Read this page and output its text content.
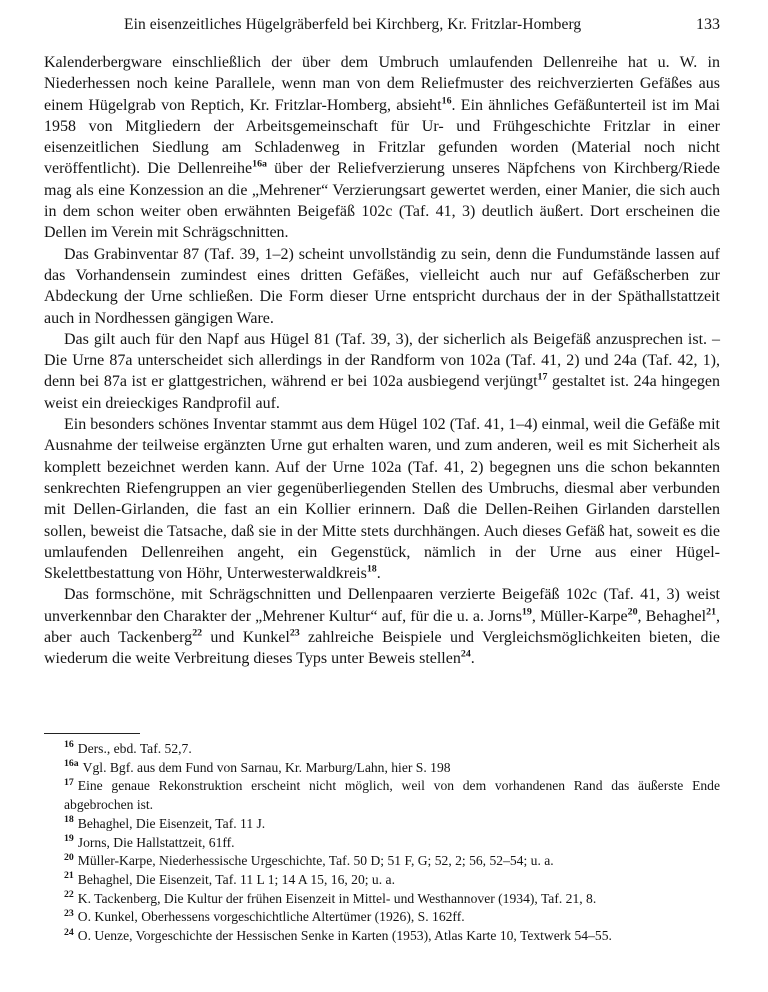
Ein eisenzeitliches Hügelgräberfeld bei Kirchberg, Kr. Fritzlar-Homberg	133

Kalenderbergware einschließlich der über dem Umbruch umlaufenden Dellenreihe hat u. W. in Niederhessen noch keine Parallele, wenn man von dem Reliefmuster des reichverzierten Gefäßes aus einem Hügelgrab von Reptich, Kr. Fritzlar-Homberg, absieht$^{16}$. Ein ähnliches Gefäßunterteil ist im Mai 1958 von Mitgliedern der Arbeitsgemeinschaft für Ur- und Frühgeschichte Fritzlar in einer eisenzeitlichen Siedlung am Schladenweg in Fritzlar gefunden worden (Material noch nicht veröffentlicht). Die Dellenreihe$^{16a}$ über der Reliefverzierung unseres Näpfchens von Kirchberg/Riede mag als eine Konzession an die „Mehrener“ Verzierungsart gewertet werden, einer Manier, die sich auch in dem schon weiter oben erwähnten Beigefäß 102c (Taf. 41, 3) deutlich äußert. Dort erscheinen die Dellen im Verein mit Schrägschnitten.

Das Grabinventar 87 (Taf. 39, 1–2) scheint unvollständig zu sein, denn die Fundumstände lassen auf das Vorhandensein zumindest eines dritten Gefäßes, vielleicht auch nur auf Gefäßscherben zur Abdeckung der Urne schließen. Die Form dieser Urne entspricht durchaus der in der Späthallstattzeit auch in Nordhessen gängigen Ware.

Das gilt auch für den Napf aus Hügel 81 (Taf. 39, 3), der sicherlich als Beigefäß anzusprechen ist. – Die Urne 87a unterscheidet sich allerdings in der Randform von 102a (Taf. 41, 2) und 24a (Taf. 42, 1), denn bei 87a ist er glattgestrichen, während er bei 102a ausbiegend verjüngt$^{17}$ gestaltet ist. 24a hingegen weist ein dreieckiges Randprofil auf.

Ein besonders schönes Inventar stammt aus dem Hügel 102 (Taf. 41, 1–4) einmal, weil die Gefäße mit Ausnahme der teilweise ergänzten Urne gut erhalten waren, und zum anderen, weil es mit Sicherheit als komplett bezeichnet werden kann. Auf der Urne 102a (Taf. 41, 2) begegnen uns die schon bekannten senkrechten Riefengruppen an vier gegenüberliegenden Stellen des Umbruchs, diesmal aber verbunden mit Dellen-Girlanden, die fast an ein Kollier erinnern. Daß die Dellen-Reihen Girlanden darstellen sollen, beweist die Tatsache, daß sie in der Mitte stets durchhängen. Auch dieses Gefäß hat, soweit es die umlaufenden Dellenreihen angeht, ein Gegenstück, nämlich in der Urne aus einer Hügel-Skelettbestattung von Höhr, Unterwesterwaldkreis$^{18}$.

Das formschöne, mit Schrägschnitten und Dellenpaaren verzierte Beigefäß 102c (Taf. 41, 3) weist unverkennbar den Charakter der „Mehrener Kultur“ auf, für die u. a. Jorns$^{19}$, Müller-Karpe$^{20}$, Behaghel$^{21}$, aber auch Tackenberg$^{22}$ und Kunkel$^{23}$ zahlreiche Beispiele und Vergleichsmöglichkeiten bieten, die wiederum die weite Verbreitung dieses Typs unter Beweis stellen$^{24}$.

$^{16}$ Ders., ebd. Taf. 52,7.

$^{16a}$ Vgl. Bgf. aus dem Fund von Sarnau, Kr. Marburg/Lahn, hier S. 198

$^{17}$ Eine genaue Rekonstruktion erscheint nicht möglich, weil von dem vorhandenen Rand das äußerste Ende abgebrochen ist.

$^{18}$ Behaghel, Die Eisenzeit, Taf. 11 J.

$^{19}$ Jorns, Die Hallstattzeit, 61ff.

$^{20}$ Müller-Karpe, Niederhessische Urgeschichte, Taf. 50 D; 51 F, G; 52, 2; 56, 52–54; u. a.

$^{21}$ Behaghel, Die Eisenzeit, Taf. 11 L 1; 14 A 15, 16, 20; u. a.

$^{22}$ K. Tackenberg, Die Kultur der frühen Eisenzeit in Mittel- und Westhannover (1934), Taf. 21, 8.

$^{23}$ O. Kunkel, Oberhessens vorgeschichtliche Altertümer (1926), S. 162ff.

$^{24}$ O. Uenze, Vorgeschichte der Hessischen Senke in Karten (1953), Atlas Karte 10, Textwerk 54–55.
